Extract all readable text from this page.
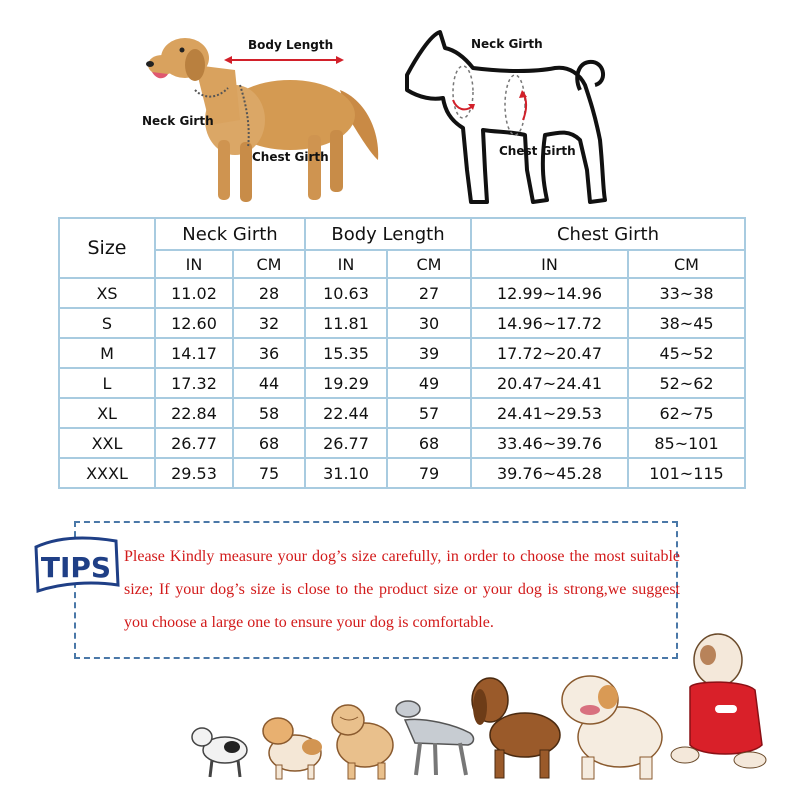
Body Length
Neck Girth
Chest Girth
Neck Girth
Chest Girth
Size	Neck Girth		Body Length		Chest Girth	
	IN	CM	IN	CM	IN	CM
XS	11.02	28	10.63	27	12.99~14.96	33~38
S	12.60	32	11.81	30	14.96~17.72	38~45
M	14.17	36	15.35	39	17.72~20.47	45~52
L	17.32	44	19.29	49	20.47~24.41	52~62
XL	22.84	58	22.44	57	24.41~29.53	62~75
XXL	26.77	68	26.77	68	33.46~39.76	85~101
XXXL	29.53	75	31.10	79	39.76~45.28	101~115
TIPS Please Kindly measure your dog’s size carefully, in order to choose the most suitable size; If your dog’s size is close to the product size or your dog is strong,we suggest you choose a large one to ensure your dog is comfortable.
